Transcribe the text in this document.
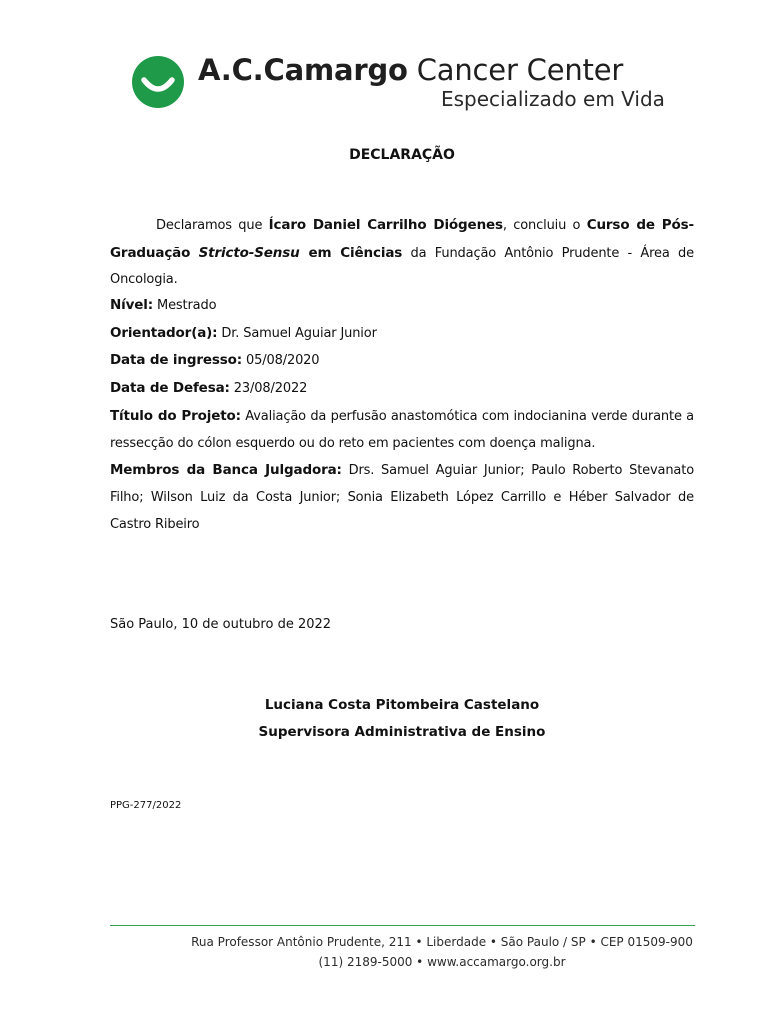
A.C.Camargo Cancer Center
Especializado em Vida
DECLARAÇÃO

Declaramos que Ícaro Daniel Carrilho Diógenes, concluiu o Curso de Pós-Graduação Stricto-Sensu em Ciências da Fundação Antônio Prudente - Área de Oncologia.

Nível: Mestrado
Orientador(a): Dr. Samuel Aguiar Junior
Data de ingresso: 05/08/2020
Data de Defesa: 23/08/2022
Título do Projeto: Avaliação da perfusão anastomótica com indocianina verde durante a ressecção do cólon esquerdo ou do reto em pacientes com doença maligna.
Membros da Banca Julgadora: Drs. Samuel Aguiar Junior; Paulo Roberto Stevanato Filho; Wilson Luiz da Costa Junior; Sonia Elizabeth López Carrillo e Héber Salvador de Castro Ribeiro
São Paulo, 10 de outubro de 2022
Luciana Costa Pitombeira Castelano
Supervisora Administrativa de Ensino
PPG-277/2022
Rua Professor Antônio Prudente, 211 • Liberdade • São Paulo / SP • CEP 01509-900
(11) 2189-5000 • www.accamargo.org.br
